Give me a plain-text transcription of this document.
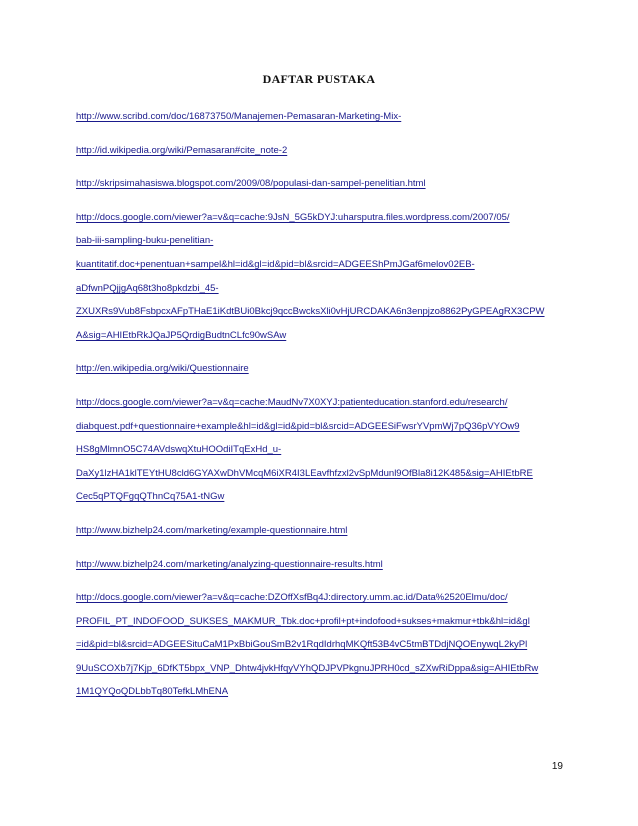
DAFTAR PUSTAKA
http://www.scribd.com/doc/16873750/Manajemen-Pemasaran-Marketing-Mix-
http://id.wikipedia.org/wiki/Pemasaran#cite_note-2
http://skripsimahasiswa.blogspot.com/2009/08/populasi-dan-sampel-penelitian.html
http://docs.google.com/viewer?a=v&q=cache:9JsN_5G5kDYJ:uharsputra.files.wordpress.com/2007/05/
bab-iii-sampling-buku-penelitian-
kuantitatif.doc+penentuan+sampel&hl=id&gl=id&pid=bl&srcid=ADGEEShPmJGaf6melov02EB-
aDfwnPQjjgAq68t3ho8pkdzbi_45-
ZXUXRs9Vub8FsbpcxAFpTHaE1iKdtBUi0Bkcj9qccBwcksXli0vHjURCDAKA6n3enpjzo8862PyGPEAgRX3CPW
A&sig=AHIEtbRkJQaJP5QrdigBudtnCLfc90wSAw
http://en.wikipedia.org/wiki/Questionnaire
http://docs.google.com/viewer?a=v&q=cache:MaudNv7X0XYJ:patienteducation.stanford.edu/research/
diabquest.pdf+questionnaire+example&hl=id&gl=id&pid=bl&srcid=ADGEESiFwsrYVpmWj7pQ36pVYOw9
HS8gMlmnO5C74AVdswqXtuHOOdiITqExHd_u-
DaXy1lzHA1klTEYtHU8cld6GYAXwDhVMcqM6iXR4I3LEavfhfzxl2vSpMdunl9OfBla8i12K485&sig=AHIEtbRE
Cec5qPTQFgqQThnCq75A1-tNGw
http://www.bizhelp24.com/marketing/example-questionnaire.html
http://www.bizhelp24.com/marketing/analyzing-questionnaire-results.html
http://docs.google.com/viewer?a=v&q=cache:DZOffXsfBq4J:directory.umm.ac.id/Data%2520Elmu/doc/
PROFIL_PT_INDOFOOD_SUKSES_MAKMUR_Tbk.doc+profil+pt+indofood+sukses+makmur+tbk&hl=id&gl
=id&pid=bl&srcid=ADGEESituCaM1PxBbiGouSmB2v1RqdIdrhqMKQft53B4vC5tmBTDdjNQOEnywqL2kyPl
9UuSCOXb7j7Kjp_6DfKT5bpx_VNP_Dhtw4jvkHfqyVYhQDJPVPkgnuJPRH0cd_sZXwRiDppa&sig=AHIEtbRw
1M1QYQoQDLbbTq80TefkLMhENA
19
